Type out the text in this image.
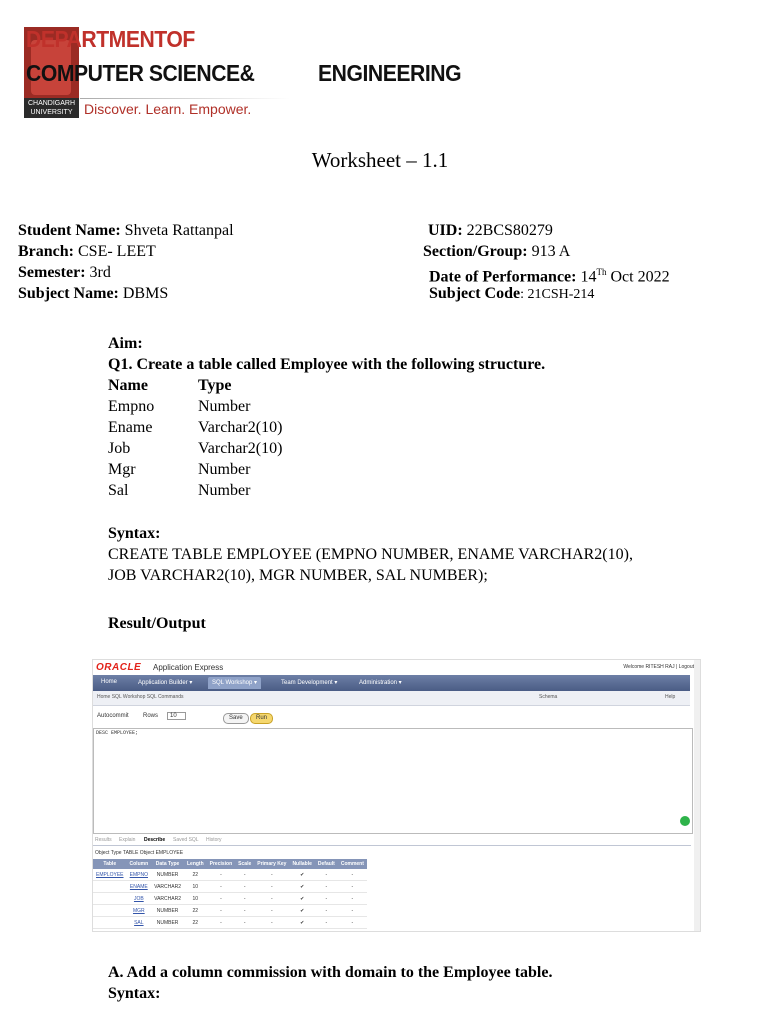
CHANDIGARH UNIVERSITY
DEPARTMENTOF
COMPUTER SCIENCE&	ENGINEERING
Discover. Learn. Empower.
Worksheet – 1.1
Student Name: Shveta Rattanpal	UID: 22BCS80279
Branch: CSE- LEET	Section/Group: 913 A
Semester: 3rd	Date of Performance: 14Th Oct 2022
Subject Name: DBMS	Subject Code: 21CSH-214
Aim:
Q1. Create a table called Employee with the following structure.
Name	Type
Empno	Number
Ename	Varchar2(10)
Job	Varchar2(10)
Mgr	Number
Sal	Number
Syntax:
CREATE TABLE EMPLOYEE (EMPNO NUMBER, ENAME VARCHAR2(10),
JOB VARCHAR2(10), MGR NUMBER, SAL NUMBER);
Result/Output
ORACLE Application Express	Welcome RITESH RAJ | Logout
Home	Application Builder ▾	SQL Workshop ▾	Team Development ▾	Administration ▾
Home SQL Workshop SQL Commands	Schema	Help
Autocommit Rows	10	Save	Run
DESC EMPLOYEE;
Results Explain Describe Saved SQL History
Object Type TABLE Object EMPLOYEE
Table	Column	Data Type	Length	Precision	Scale	Primary Key	Nullable	Default	Comment
EMPLOYEE	EMPNO	NUMBER	22	-	-	-	✔	-	-
	ENAME	VARCHAR2	10	-	-	-	✔	-	-
	JOB	VARCHAR2	10	-	-	-	✔	-	-
	MGR	NUMBER	22	-	-	-	✔	-	-
	SAL	NUMBER	22	-	-	-	✔	-	-
A. Add a column commission with domain to the Employee table.
Syntax:
